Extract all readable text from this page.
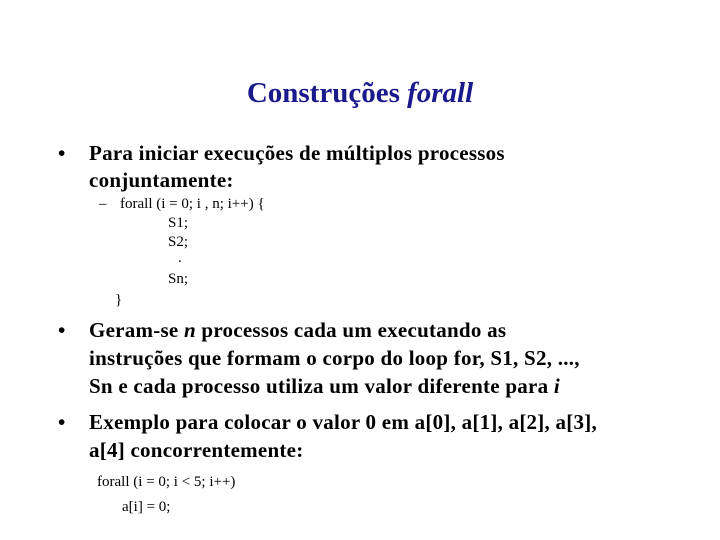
Construções forall
• Para iniciar execuções de múltiplos processos
conjuntamente:
– forall (i = 0; i , n; i++) {
S1;
S2;
.
Sn;
}
• Geram-se n processos cada um executando as
instruções que formam o corpo do loop for, S1, S2, ...,
Sn e cada processo utiliza um valor diferente para i
• Exemplo para colocar o valor 0 em a[0], a[1], a[2], a[3],
a[4] concorrentemente:
forall (i = 0; i < 5; i++)
a[i] = 0;
